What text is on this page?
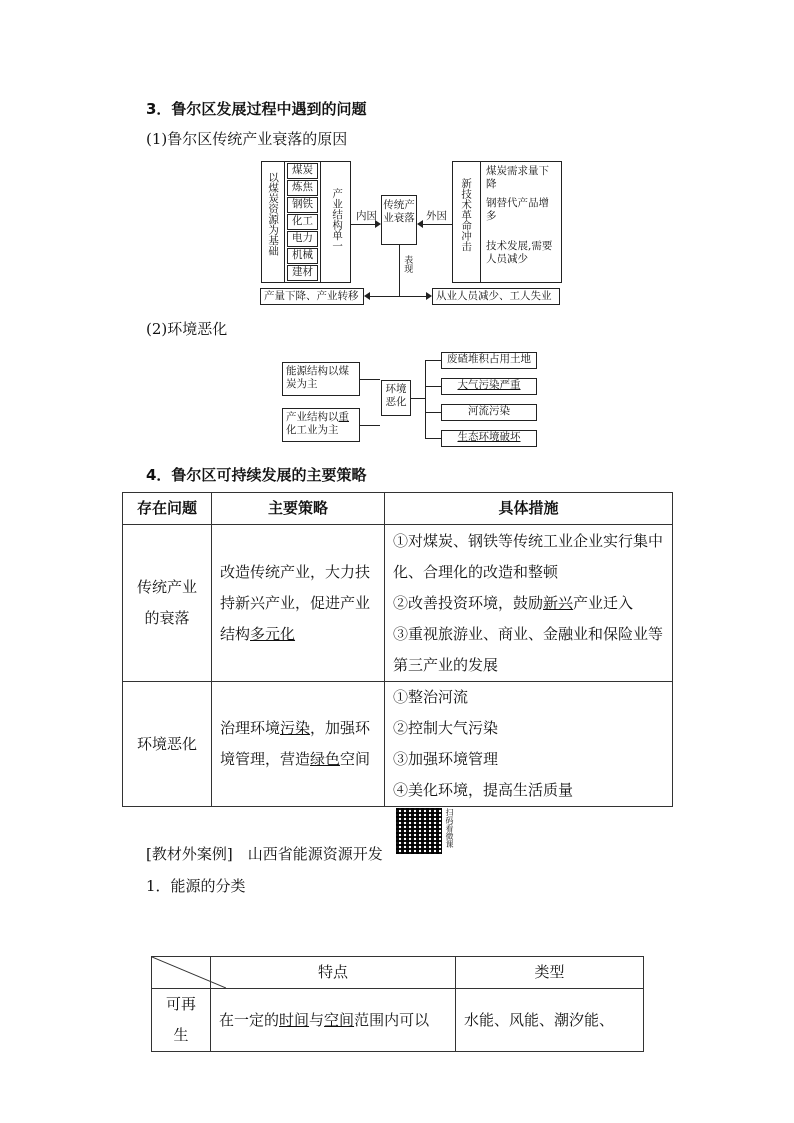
3．鲁尔区发展过程中遇到的问题
(1)鲁尔区传统产业衰落的原因
以煤炭资源为基础
煤炭
炼焦
钢铁
化工
电力
机械
建材
产业结构单一 内因
传统产业衰落 外因 新技术革命冲击
煤炭需求量下降
钢替代产品增多
技术发展,需要人员减少
表现
产量下降、产业转移	从业人员减少、工人失业
(2)环境恶化
能源结构以煤炭为主
产业结构以重化工业为主
环境恶化
废碴堆积占用土地
大气污染严重
河流污染
生态环境破坏
4．鲁尔区可持续发展的主要策略
存在问题	主要策略	具体措施
传统产业的衰落	改造传统产业，大力扶持新兴产业，促进产业结构多元化	①对煤炭、钢铁等传统工业企业实行集中化、合理化的改造和整顿
②改善投资环境，鼓励新兴产业迁入
③重视旅游业、商业、金融业和保险业等第三产业的发展

环境恶化	治理环境污染，加强环境管理，营造绿色空间	①整治河流
②控制大气污染
③加强环境管理
④美化环境，提高生活质量
[教材外案例]　山西省能源资源开发
扫码看微课
1．能源的分类
	特点	类型
可再生	在一定的时间与空间范围内可以	水能、风能、潮汐能、
